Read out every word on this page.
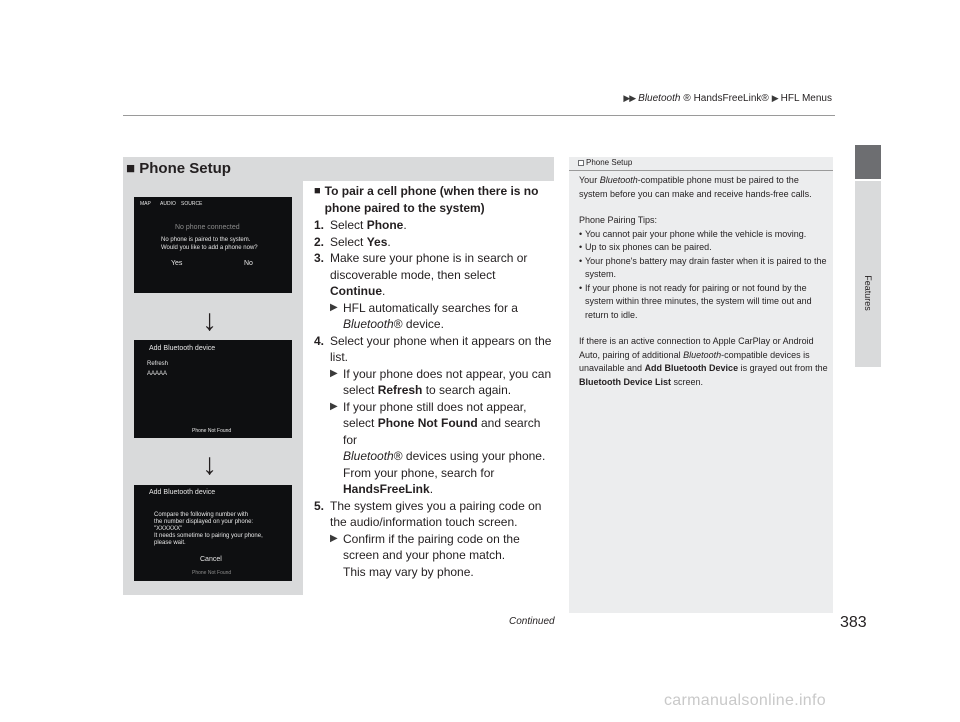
▶▶ Bluetooth ® HandsFreeLink® ▶ HFL Menus
Features
■ Phone Setup
MAP AUDIO SOURCE
No phone connected
No phone is paired to the system.
Would you like to add a phone now?
Yes	No
↓
Add Bluetooth device
Refresh
AAAAA
Phone Not Found
↓
Add Bluetooth device
Compare the following number with
the number displayed on your phone:
"XXXXXX"
It needs sometime to pairing your phone,
please wait.
Cancel
Phone Not Found
■ To pair a cell phone (when there is no phone paired to the system)
1. Select Phone.
2. Select Yes.
3. Make sure your phone is in search or discoverable mode, then select Continue.
▶ HFL automatically searches for a
Bluetooth® device.
4. Select your phone when it appears on the list.
▶ If your phone does not appear, you can select Refresh to search again.
▶ If your phone still does not appear, select Phone Not Found and search for
Bluetooth® devices using your phone.
From your phone, search for
HandsFreeLink.
5. The system gives you a pairing code on the audio/information touch screen.
▶ Confirm if the pairing code on the screen and your phone match.
This may vary by phone.
Phone Setup
Your Bluetooth-compatible phone must be paired to the system before you can make and receive hands-free calls.
Phone Pairing Tips:
• You cannot pair your phone while the vehicle is moving.
• Up to six phones can be paired.
• Your phone's battery may drain faster when it is paired to the system.
• If your phone is not ready for pairing or not found by the system within three minutes, the system will time out and return to idle.
If there is an active connection to Apple CarPlay or Android Auto, pairing of additional Bluetooth-compatible devices is unavailable and Add Bluetooth Device is grayed out from the Bluetooth Device List screen.
Continued	383
carmanualsonline.info
